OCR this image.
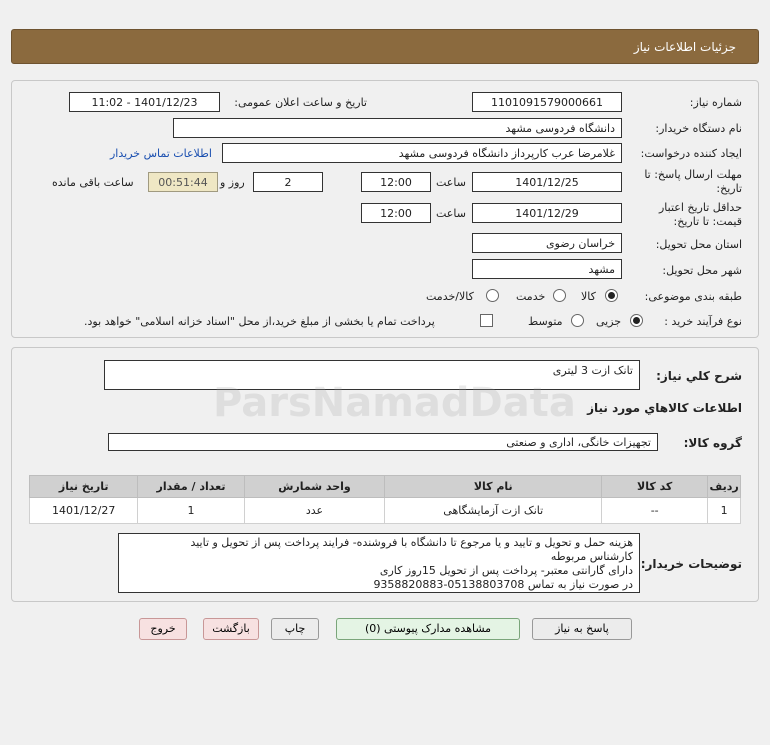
جزئیات اطلاعات نیاز
شماره نیاز:
1101091579000661
تاریخ و ساعت اعلان عمومی:
1401/12/23 - 11:02
نام دستگاه خریدار:
دانشگاه فردوسی مشهد
ایجاد کننده درخواست:
غلامرضا عرب کارپرداز دانشگاه فردوسی مشهد
اطلاعات تماس خریدار
مهلت ارسال پاسخ: تا
تاریخ:
1401/12/25
ساعت
12:00
2
روز و
00:51:44
ساعت باقی مانده
حداقل تاریخ اعتبار
قیمت: تا تاریخ:
1401/12/29
ساعت
12:00
استان محل تحویل:
خراسان رضوی
شهر محل تحویل:
مشهد
طبقه بندی موضوعی:
کالا
خدمت
کالا/خدمت
نوع فرآیند خرید :
جزیی
متوسط
پرداخت تمام یا بخشی از مبلغ خرید،از محل "اسناد خزانه اسلامی" خواهد بود.
شرح کلي نياز:
تانک ازت 3 لیتری
اطلاعات کالاهاي مورد نياز
گروه کالا:
تجهیزات خانگی، اداری و صنعتی
ردیف	کد کالا	نام کالا	واحد شمارش	تعداد / مقدار	تاریخ نیاز
1	--	تانک ازت آزمایشگاهی	عدد	1	1401/12/27
توضیحات خریدار:
هزینه حمل و تحویل و تایید و یا مرجوع تا دانشگاه با فروشنده- فرایند پرداخت پس از تحویل و تایید
کارشناس مربوطه
دارای گارانتی معتبر- پرداخت پس از تحویل 15روز کاری
در صورت نیاز به تماس 05138803708-9358820883
پاسخ به نیاز
مشاهده مدارک پیوستی (0)
چاپ
بازگشت
خروج
ParsNamadData
